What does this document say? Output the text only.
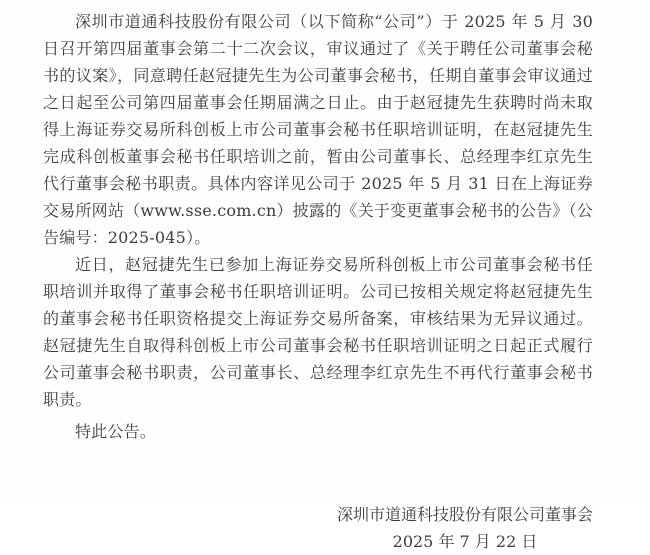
深圳市道通科技股份有限公司（以下简称“公司”）于 2025 年 5 月 30 日召开第四届董事会第二十二次会议，审议通过了《关于聘任公司董事会秘书的议案》，同意聘任赵冠捷先生为公司董事会秘书，任期自董事会审议通过之日起至公司第四届董事会任期届满之日止。由于赵冠捷先生获聘时尚未取得上海证券交易所科创板上市公司董事会秘书任职培训证明，在赵冠捷先生完成科创板董事会秘书任职培训之前，暂由公司董事长、总经理李红京先生代行董事会秘书职责。具体内容详见公司于 2025 年 5 月 31 日在上海证券交易所网站（www.sse.com.cn）披露的《关于变更董事会秘书的公告》（公告编号：2025-045）。

近日，赵冠捷先生已参加上海证券交易所科创板上市公司董事会秘书任职培训并取得了董事会秘书任职培训证明。公司已按相关规定将赵冠捷先生的董事会秘书任职资格提交上海证券交易所备案，审核结果为无异议通过。赵冠捷先生自取得科创板上市公司董事会秘书任职培训证明之日起正式履行公司董事会秘书职责，公司董事长、总经理李红京先生不再代行董事会秘书职责。

特此公告。

深圳市道通科技股份有限公司董事会
2025 年 7 月 22 日
